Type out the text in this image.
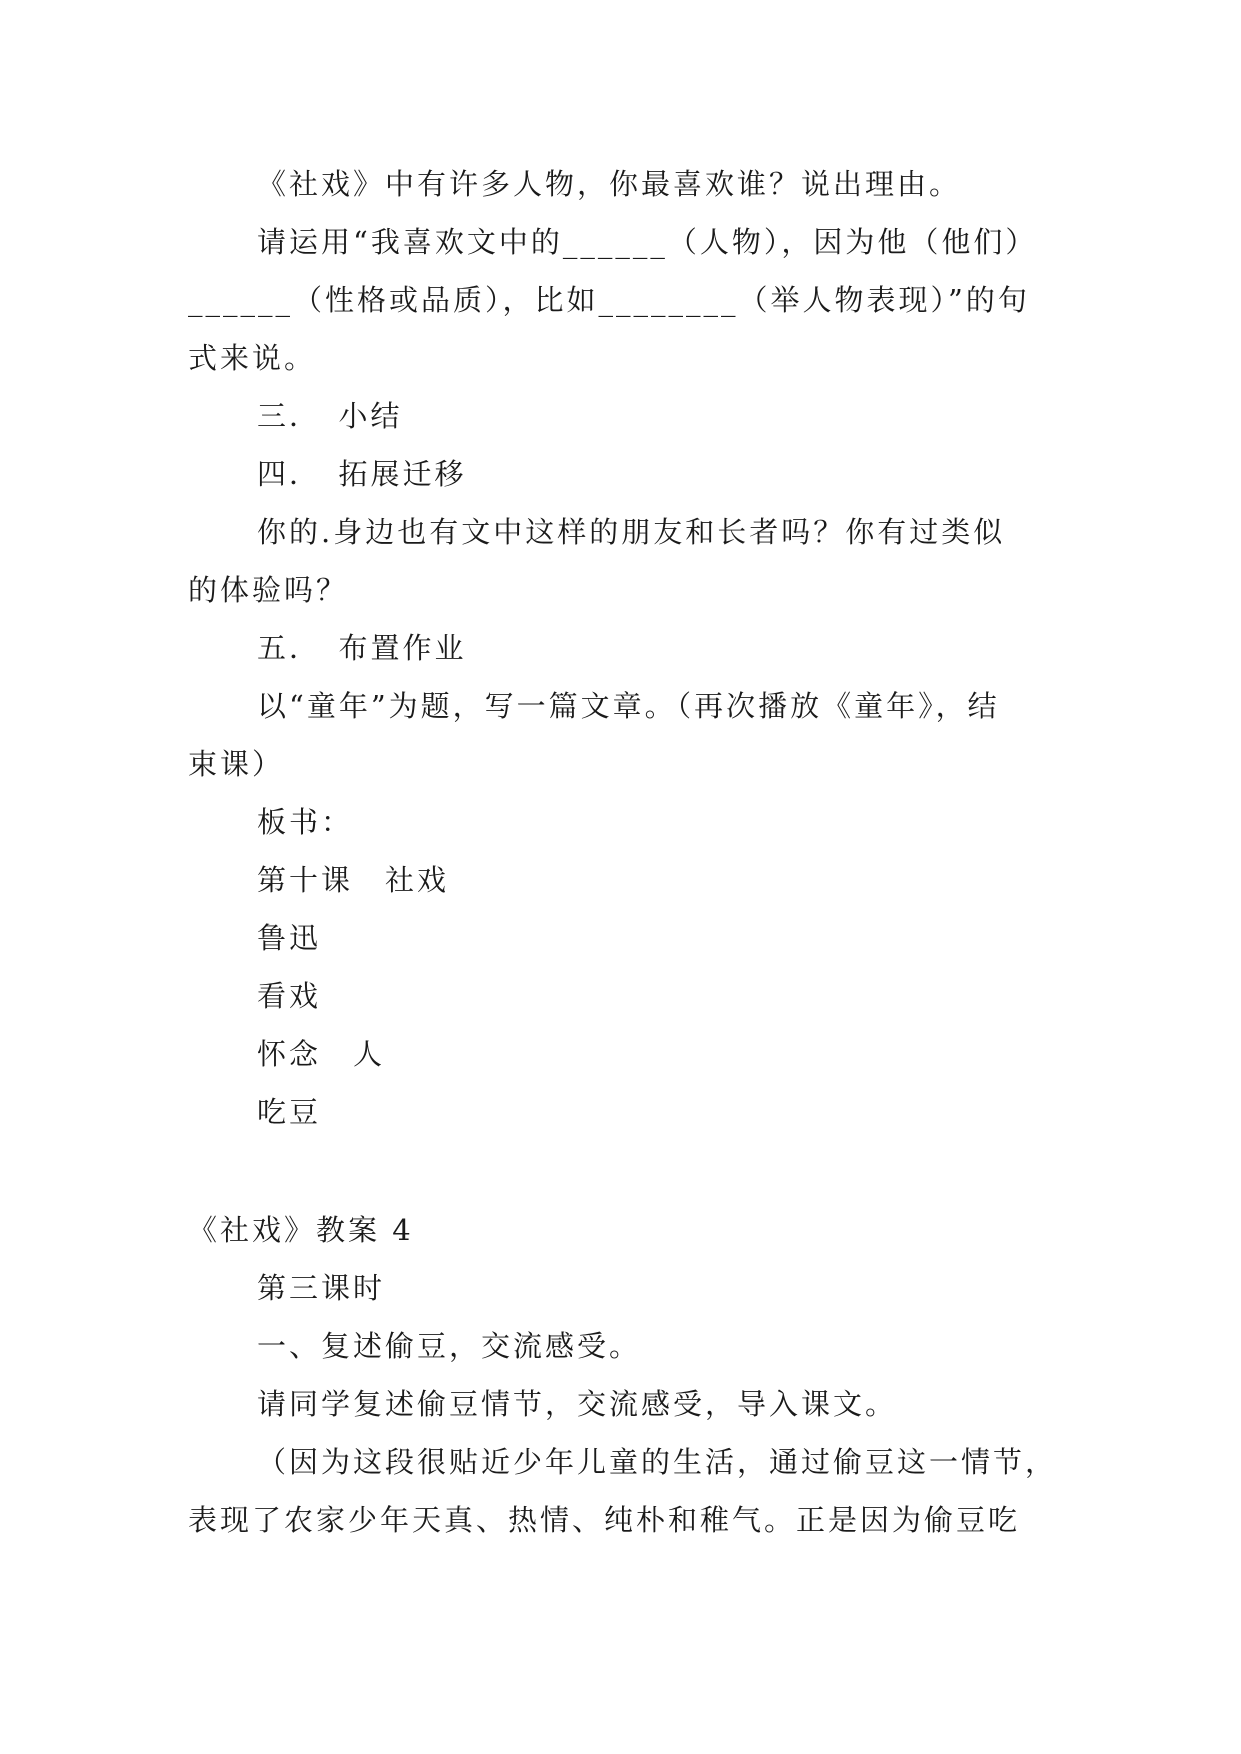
《社戏》中有许多人物，你最喜欢谁？说出理由。
请运用“我喜欢文中的______（人物），因为他（他们）
______（性格或品质），比如________（举人物表现）”的句
式来说。
三．　小结
四．　拓展迁移
你的.身边也有文中这样的朋友和长者吗？你有过类似
的体验吗？
五．　布置作业
以“童年”为题，写一篇文章。（再次播放《童年》，结
束课）
板书：
第十课　社戏
鲁迅
看戏
怀念　人
吃豆
《社戏》教案 4
第三课时
一、复述偷豆，交流感受。
请同学复述偷豆情节，交流感受，导入课文。
（因为这段很贴近少年儿童的生活，通过偷豆这一情节，
表现了农家少年天真、热情、纯朴和稚气。正是因为偷豆吃
